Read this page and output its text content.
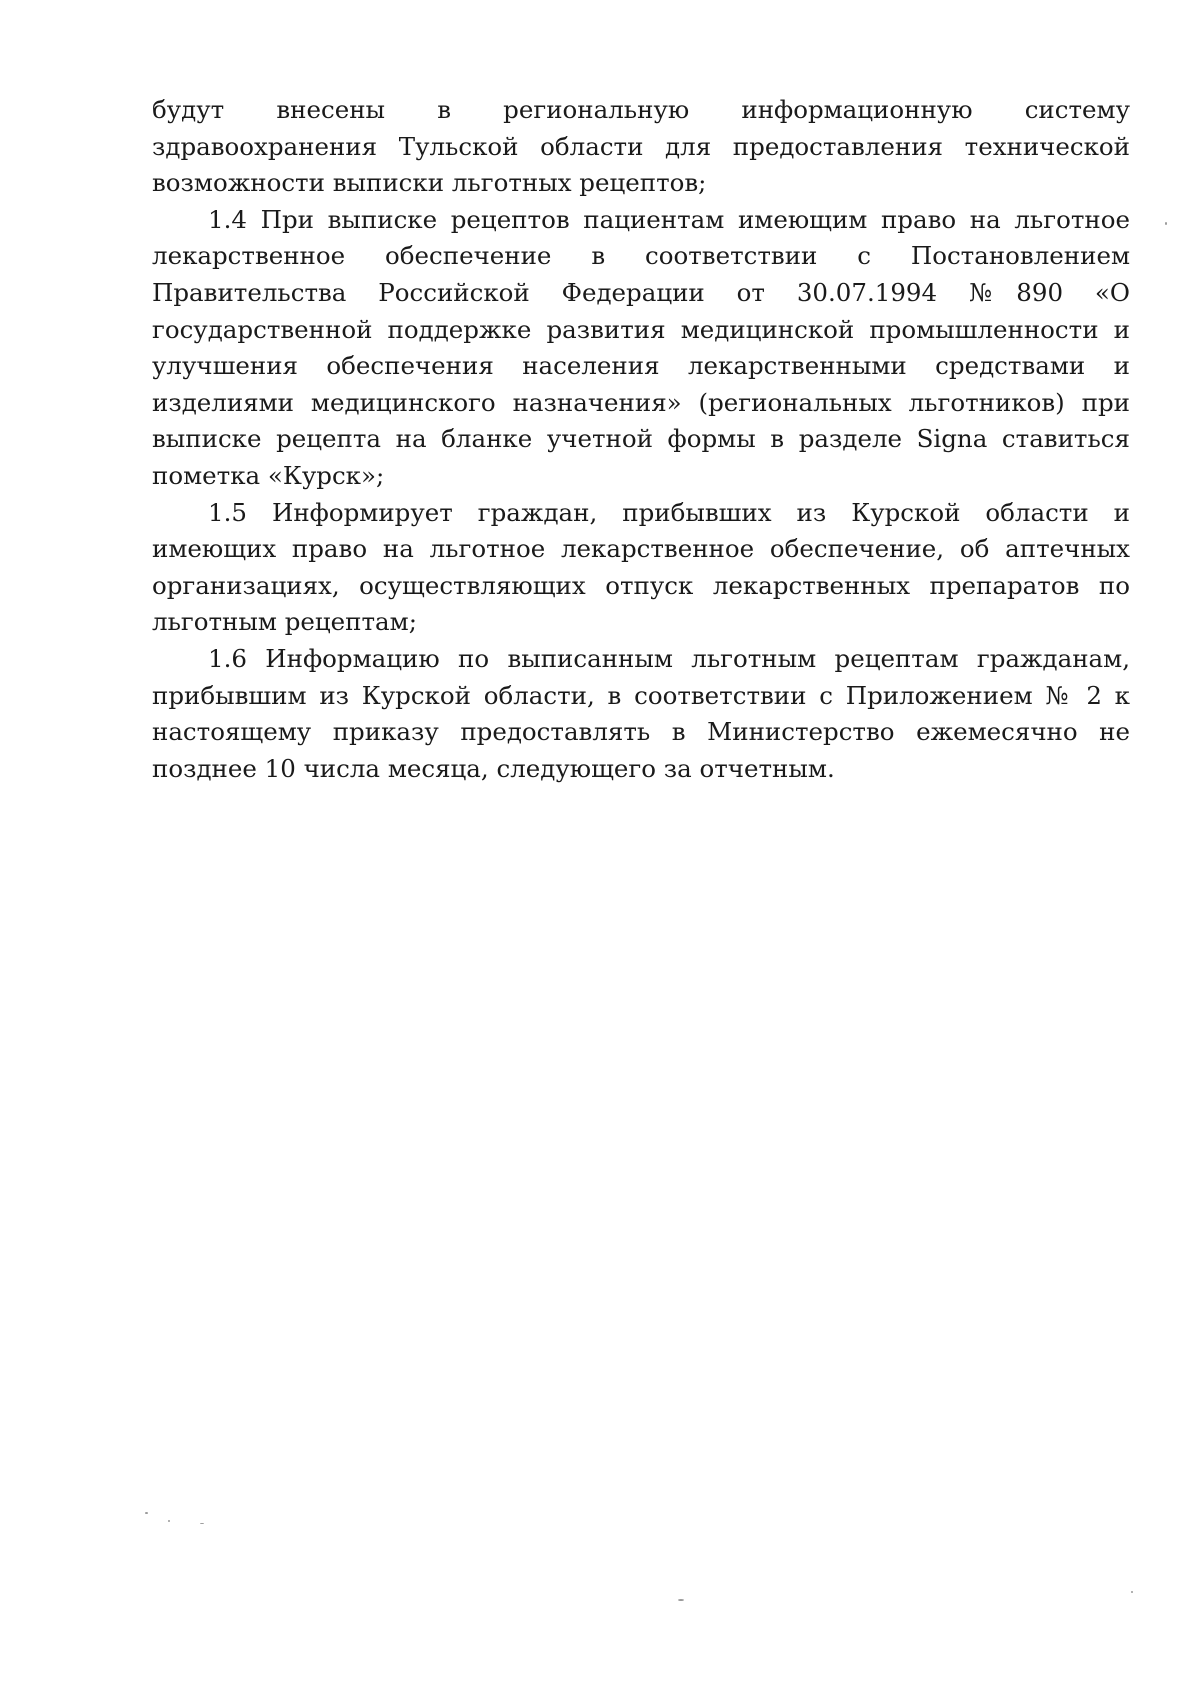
будут внесены в региональную информационную систему здравоохранения Тульской области для предоставления технической возможности выписки льготных рецептов;

1.4 При выписке рецептов пациентам имеющим право на льготное лекарственное обеспечение в соответствии с Постановлением Правительства Российской Федерации от 30.07.1994 №890 «О государственной поддержке развития медицинской промышленности и улучшения обеспечения населения лекарственными средствами и изделиями медицинского назначения» (региональных льготников) при выписке рецепта на бланке учетной формы в разделе Signa ставиться пометка «Курск»;

1.5 Информирует граждан, прибывших из Курской области и имеющих право на льготное лекарственное обеспечение, об аптечных организациях, осуществляющих отпуск лекарственных препаратов по льготным рецептам;

1.6 Информацию по выписанным льготным рецептам гражданам, прибывшим из Курской области, в соответствии с Приложением № 2 к настоящему приказу предоставлять в Министерство ежемесячно не позднее 10 числа месяца, следующего за отчетным.
